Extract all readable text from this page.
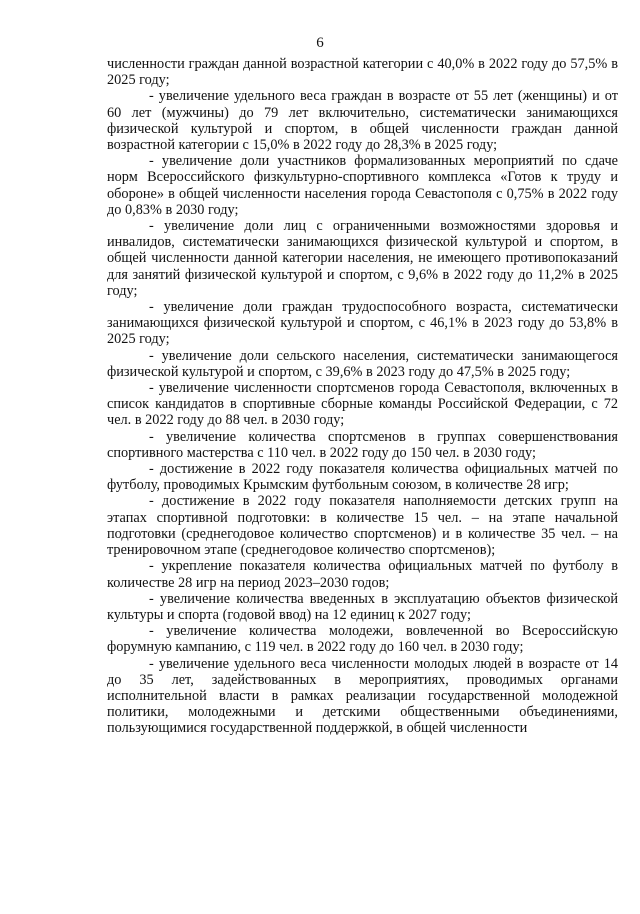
6

численности граждан данной возрастной категории с 40,0% в 2022 году до 57,5% в 2025 году;

- увеличение удельного веса граждан в возрасте от 55 лет (женщины) и от 60 лет (мужчины) до 79 лет включительно, систематически занимающихся физической культурой и спортом, в общей численности граждан данной возрастной категории с 15,0% в 2022 году до 28,3% в 2025 году;

- увеличение доли участников формализованных мероприятий по сдаче норм Всероссийского физкультурно-спортивного комплекса «Готов к труду и обороне» в общей численности населения города Севастополя с 0,75% в 2022 году до 0,83% в 2030 году;

- увеличение доли лиц с ограниченными возможностями здоровья и инвалидов, систематически занимающихся физической культурой и спортом, в общей численности данной категории населения, не имеющего противопоказаний для занятий физической культурой и спортом, с 9,6% в 2022 году до 11,2% в 2025 году;

- увеличение доли граждан трудоспособного возраста, систематически занимающихся физической культурой и спортом, с 46,1% в 2023 году до 53,8% в 2025 году;

- увеличение доли сельского населения, систематически занимающегося физической культурой и спортом, с 39,6% в 2023 году до 47,5% в 2025 году;

- увеличение численности спортсменов города Севастополя, включенных в список кандидатов в спортивные сборные команды Российской Федерации, с 72 чел. в 2022 году до 88 чел. в 2030 году;

- увеличение количества спортсменов в группах совершенствования спортивного мастерства с 110 чел. в 2022 году до 150 чел. в 2030 году;

- достижение в 2022 году показателя количества официальных матчей по футболу, проводимых Крымским футбольным союзом, в количестве 28 игр;

- достижение в 2022 году показателя наполняемости детских групп на этапах спортивной подготовки: в количестве 15 чел. – на этапе начальной подготовки (среднегодовое количество спортсменов) и в количестве 35 чел. – на тренировочном этапе (среднегодовое количество спортсменов);

- укрепление показателя количества официальных матчей по футболу в количестве 28 игр на период 2023–2030 годов;

- увеличение количества введенных в эксплуатацию объектов физической культуры и спорта (годовой ввод) на 12 единиц к 2027 году;

- увеличение количества молодежи, вовлеченной во Всероссийскую форумную кампанию, с 119 чел. в 2022 году до 160 чел. в 2030 году;

- увеличение удельного веса численности молодых людей в возрасте от 14 до 35 лет, задействованных в мероприятиях, проводимых органами исполнительной власти в рамках реализации государственной молодежной политики, молодежными и детскими общественными объединениями, пользующимися государственной поддержкой, в общей численности
